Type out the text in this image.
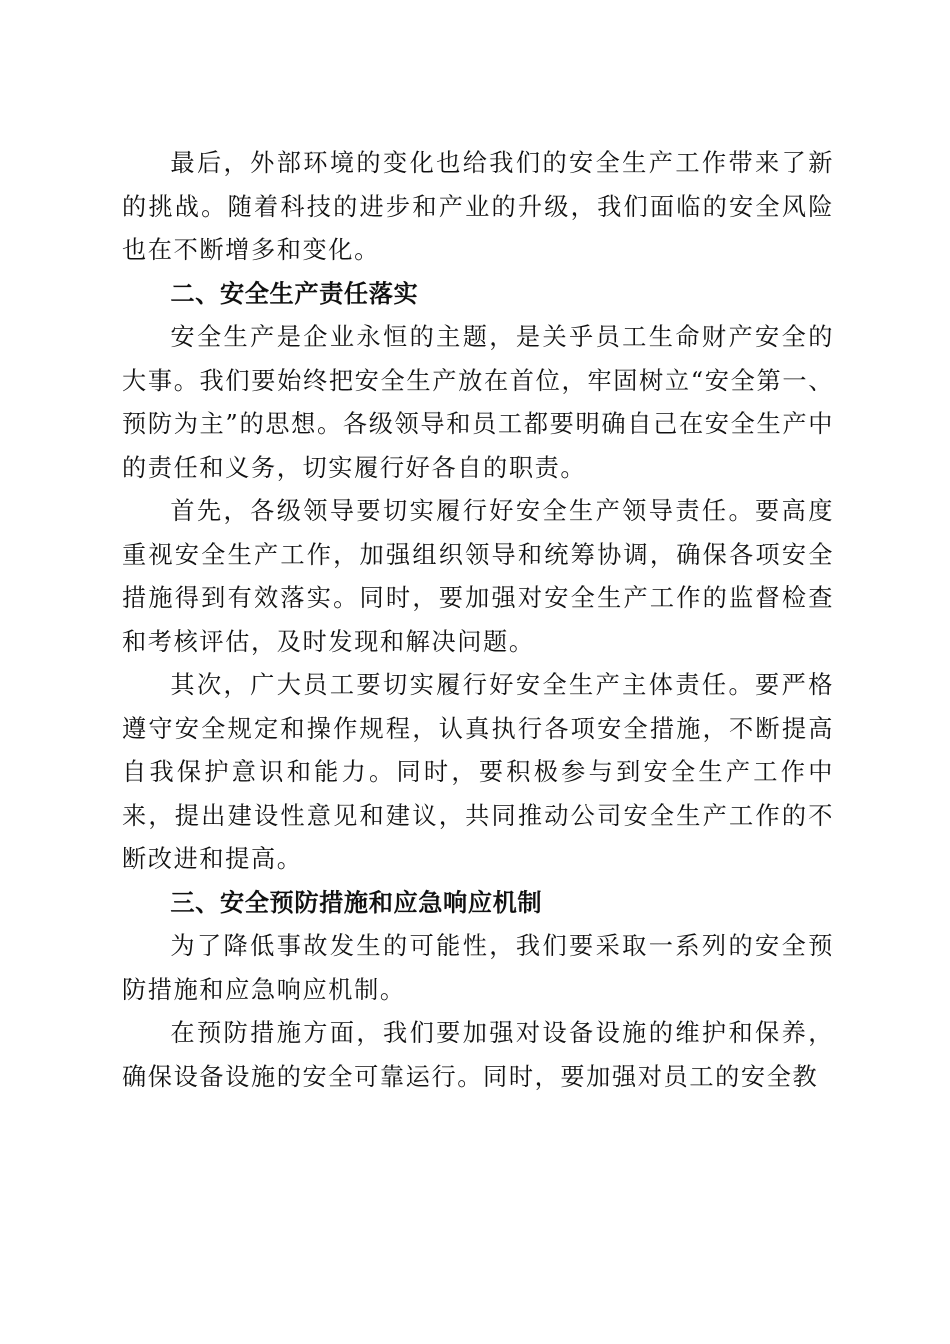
最后，外部环境的变化也给我们的安全生产工作带来了新的挑战。随着科技的进步和产业的升级，我们面临的安全风险也在不断增多和变化。

二、安全生产责任落实

安全生产是企业永恒的主题，是关乎员工生命财产安全的大事。我们要始终把安全生产放在首位，牢固树立“安全第一、预防为主”的思想。各级领导和员工都要明确自己在安全生产中的责任和义务，切实履行好各自的职责。

首先，各级领导要切实履行好安全生产领导责任。要高度重视安全生产工作，加强组织领导和统筹协调，确保各项安全措施得到有效落实。同时，要加强对安全生产工作的监督检查和考核评估，及时发现和解决问题。

其次，广大员工要切实履行好安全生产主体责任。要严格遵守安全规定和操作规程，认真执行各项安全措施，不断提高自我保护意识和能力。同时，要积极参与到安全生产工作中来，提出建设性意见和建议，共同推动公司安全生产工作的不断改进和提高。

三、安全预防措施和应急响应机制

为了降低事故发生的可能性，我们要采取一系列的安全预防措施和应急响应机制。

在预防措施方面，我们要加强对设备设施的维护和保养，确保设备设施的安全可靠运行。同时，要加强对员工的安全教
